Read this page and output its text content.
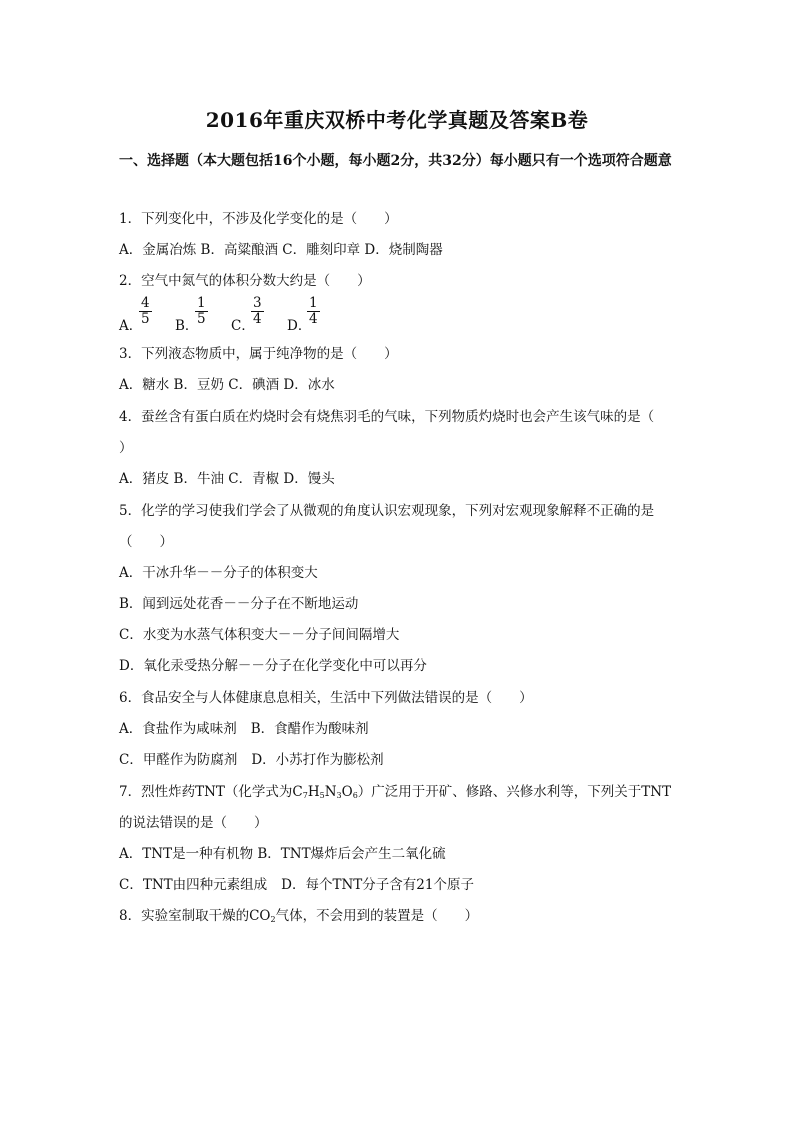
2016年重庆双桥中考化学真题及答案B卷
一、选择题（本大题包括16个小题，每小题2分，共32分）每小题只有一个选项符合题意
1．下列变化中，不涉及化学变化的是（　　）
A．金属冶炼 B．高粱酿酒 C．雕刻印章 D．烧制陶器
2．空气中氮气的体积分数大约是（　　）
A．
$\frac{4}{5}$ B．
$\frac{1}{5}$ C．
$\frac{3}{4}$ D．
$\frac{1}{4}$
3．下列液态物质中，属于纯净物的是（　　）
A．糖水 B．豆奶 C．碘酒 D．冰水
4．蚕丝含有蛋白质在灼烧时会有烧焦羽毛的气味，下列物质灼烧时也会产生该气味的是（
）
A．猪皮 B．牛油 C．青椒 D．馒头
5．化学的学习使我们学会了从微观的角度认识宏观现象，下列对宏观现象解释不正确的是
（　　）
A．干冰升华－－分子的体积变大
B．闻到远处花香－－分子在不断地运动
C．水变为水蒸气体积变大－－分子间间隔增大
D．氧化汞受热分解－－分子在化学变化中可以再分
6．食品安全与人体健康息息相关，生活中下列做法错误的是（　　）
A．食盐作为咸味剂 B．食醋作为酸味剂
C．甲醛作为防腐剂 D．小苏打作为膨松剂
7．烈性炸药TNT（化学式为$C_7H_5N_3O_6$）广泛用于开矿、修路、兴修水利等，下列关于TNT
的说法错误的是（　　）
A．TNT是一种有机物 B．TNT爆炸后会产生二氧化硫
C．TNT由四种元素组成 D．每个TNT分子含有21个原子
8．实验室制取干燥的$CO_2$气体，不会用到的装置是（　　）
